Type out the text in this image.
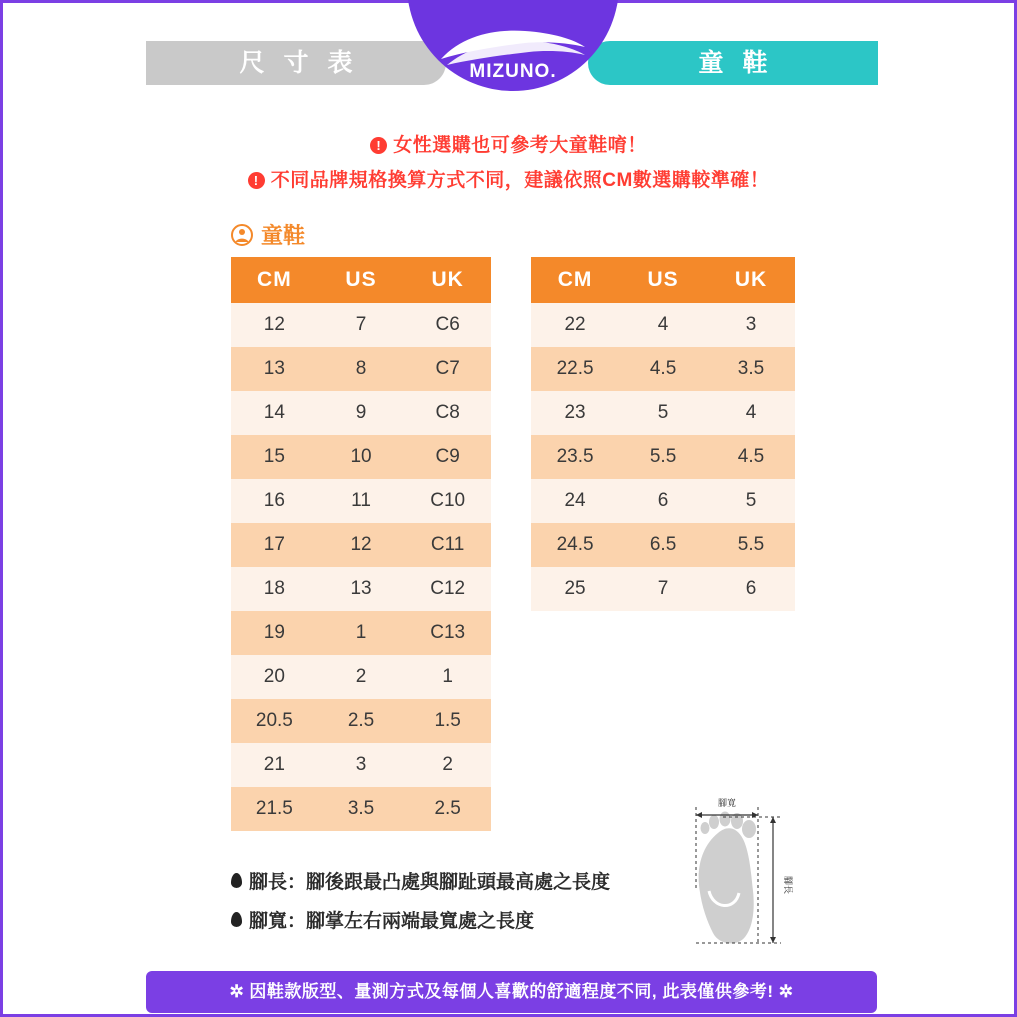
尺 寸 表	童 鞋
MIZUNO.
! 女性選購也可參考大童鞋唷！
! 不同品牌規格換算方式不同，建議依照CM數選購較準確！
童鞋
CM	US	UK
12	7	C6
13	8	C7
14	9	C8
15	10	C9
16	11	C10
17	12	C11
18	13	C12
19	1	C13
20	2	1
20.5	2.5	1.5
21	3	2
21.5	3.5	2.5
CM	US	UK
22	4	3
22.5	4.5	3.5
23	5	4
23.5	5.5	4.5
24	6	5
24.5	6.5	5.5
25	7	6
腳寬
腳長
腳長：腳後跟最凸處與腳趾頭最高處之長度
腳寬：腳掌左右兩端最寬處之長度
✲ 因鞋款版型、量測方式及每個人喜歡的舒適程度不同, 此表僅供參考! ✲
